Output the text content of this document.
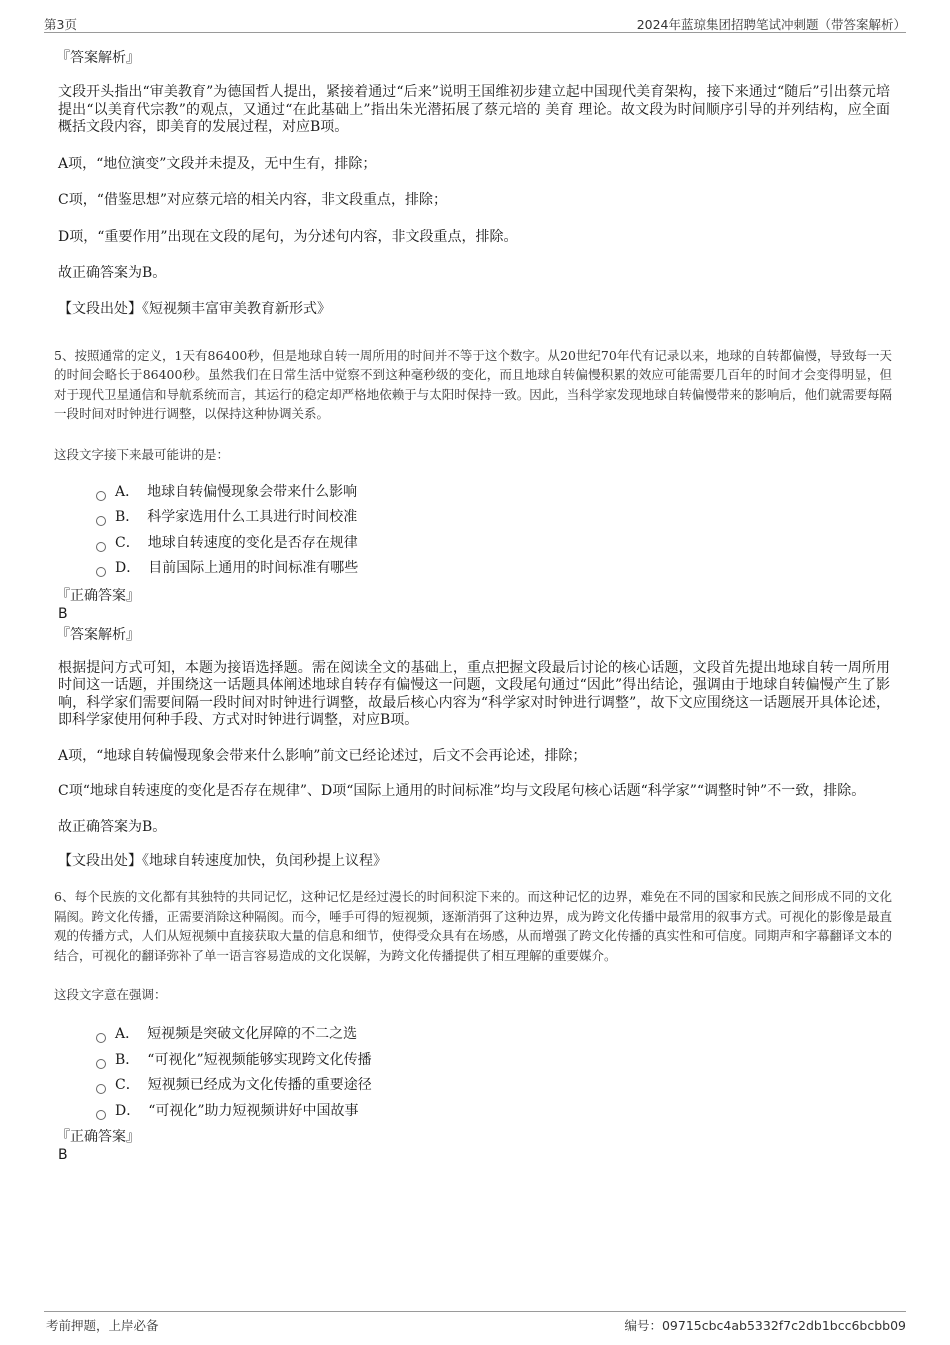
第3页	2024年蓝琼集团招聘笔试冲刺题（带答案解析）
『答案解析』

文段开头指出“审美教育”为德国哲人提出，紧接着通过“后来”说明王国维初步建立起中国现代美育架构，接下来通过“随后”引出蔡元培提出“以美育代宗教”的观点，又通过“在此基础上”指出朱光潜拓展了蔡元培的 美育 理论。故文段为时间顺序引导的并列结构，应全面概括文段内容，即美育的发展过程，对应B项。

A项，“地位演变”文段并未提及，无中生有，排除；

C项，“借鉴思想”对应蔡元培的相关内容，非文段重点，排除；

D项，“重要作用”出现在文段的尾句，为分述句内容，非文段重点，排除。

故正确答案为B。

【文段出处】《短视频丰富审美教育新形式》

5、按照通常的定义，1天有86400秒，但是地球自转一周所用的时间并不等于这个数字。从20世纪70年代有记录以来，地球的自转都偏慢，导致每一天的时间会略长于86400秒。虽然我们在日常生活中觉察不到这种毫秒级的变化，而且地球自转偏慢积累的效应可能需要几百年的时间才会变得明显，但对于现代卫星通信和导航系统而言，其运行的稳定却严格地依赖于与太阳时保持一致。因此，当科学家发现地球自转偏慢带来的影响后，他们就需要每隔一段时间对时钟进行调整，以保持这种协调关系。

这段文字接下来最可能讲的是：
A． 地球自转偏慢现象会带来什么影响
B． 科学家选用什么工具进行时间校准
C． 地球自转速度的变化是否存在规律
D． 目前国际上通用的时间标准有哪些
『正确答案』
B
『答案解析』

根据提问方式可知，本题为接语选择题。需在阅读全文的基础上，重点把握文段最后讨论的核心话题，文段首先提出地球自转一周所用时间这一话题，并围绕这一话题具体阐述地球自转存有偏慢这一问题，文段尾句通过“因此”得出结论，强调由于地球自转偏慢产生了影响，科学家们需要间隔一段时间对时钟进行调整，故最后核心内容为“科学家对时钟进行调整”，故下文应围绕这一话题展开具体论述，即科学家使用何种手段、方式对时钟进行调整，对应B项。

A项，“地球自转偏慢现象会带来什么影响”前文已经论述过，后文不会再论述，排除；

C项“地球自转速度的变化是否存在规律”、D项“国际上通用的时间标准”均与文段尾句核心话题“科学家”“调整时钟”不一致，排除。

故正确答案为B。

【文段出处】《地球自转速度加快，负闰秒提上议程》

6、每个民族的文化都有其独特的共同记忆，这种记忆是经过漫长的时间积淀下来的。而这种记忆的边界，难免在不同的国家和民族之间形成不同的文化隔阂。跨文化传播，正需要消除这种隔阂。而今，唾手可得的短视频，逐渐消弭了这种边界，成为跨文化传播中最常用的叙事方式。可视化的影像是最直观的传播方式，人们从短视频中直接获取大量的信息和细节，使得受众具有在场感，从而增强了跨文化传播的真实性和可信度。同期声和字幕翻译文本的结合，可视化的翻译弥补了单一语言容易造成的文化误解，为跨文化传播提供了相互理解的重要媒介。

这段文字意在强调：
A． 短视频是突破文化屏障的不二之选
B． “可视化”短视频能够实现跨文化传播
C． 短视频已经成为文化传播的重要途径
D． “可视化”助力短视频讲好中国故事
『正确答案』
B
考前押题，上岸必备	编号：09715cbc4ab5332f7c2db1bcc6bcbb09
